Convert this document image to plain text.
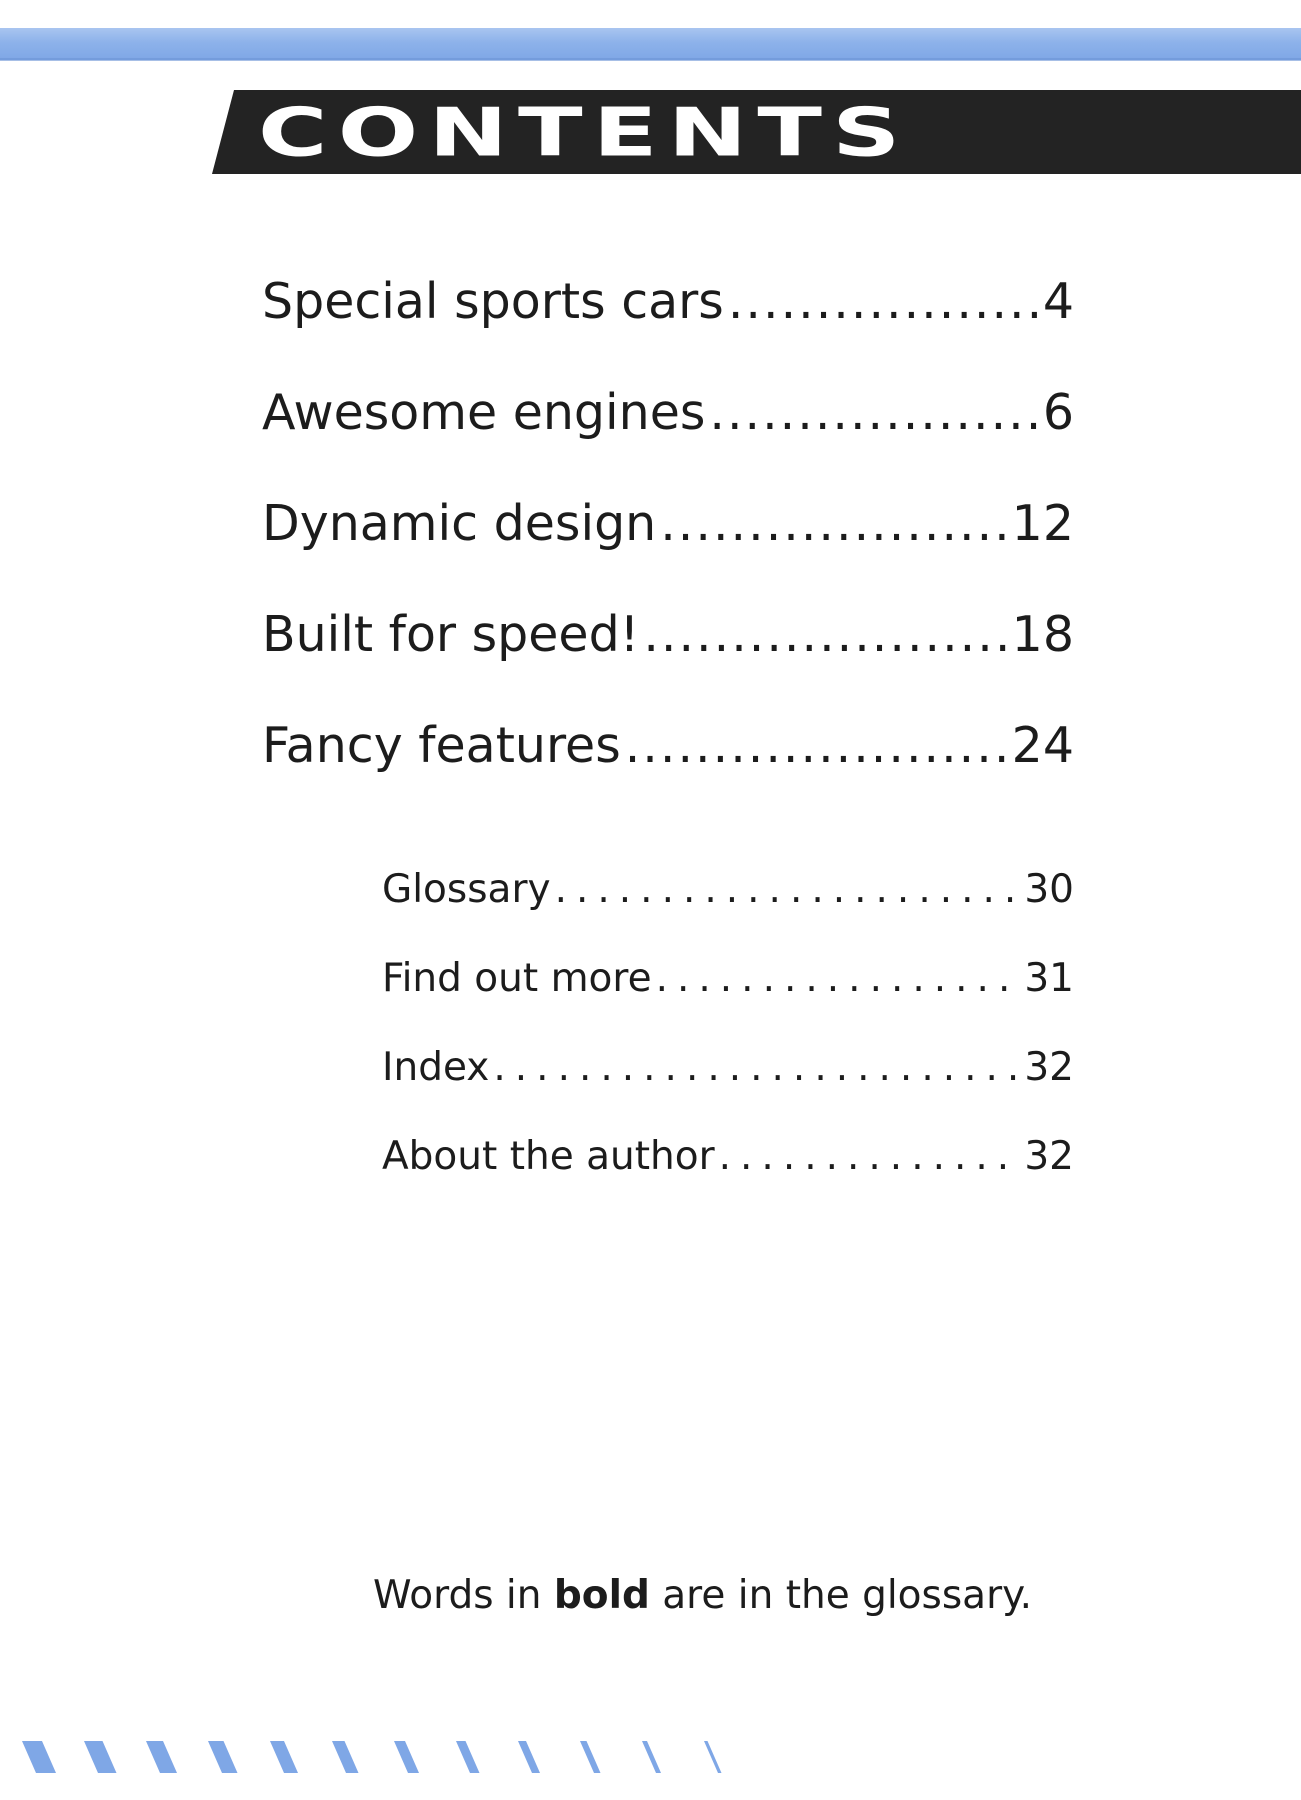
CONTENTS
Special sports cars .....	4
Awesome engines .....	6
Dynamic design .....	12
Built for speed! .....	18
Fancy features .....	24
Glossary .....	30
Find out more .....	31
Index .....	32
About the author .....	32
Words in bold are in the glossary.
